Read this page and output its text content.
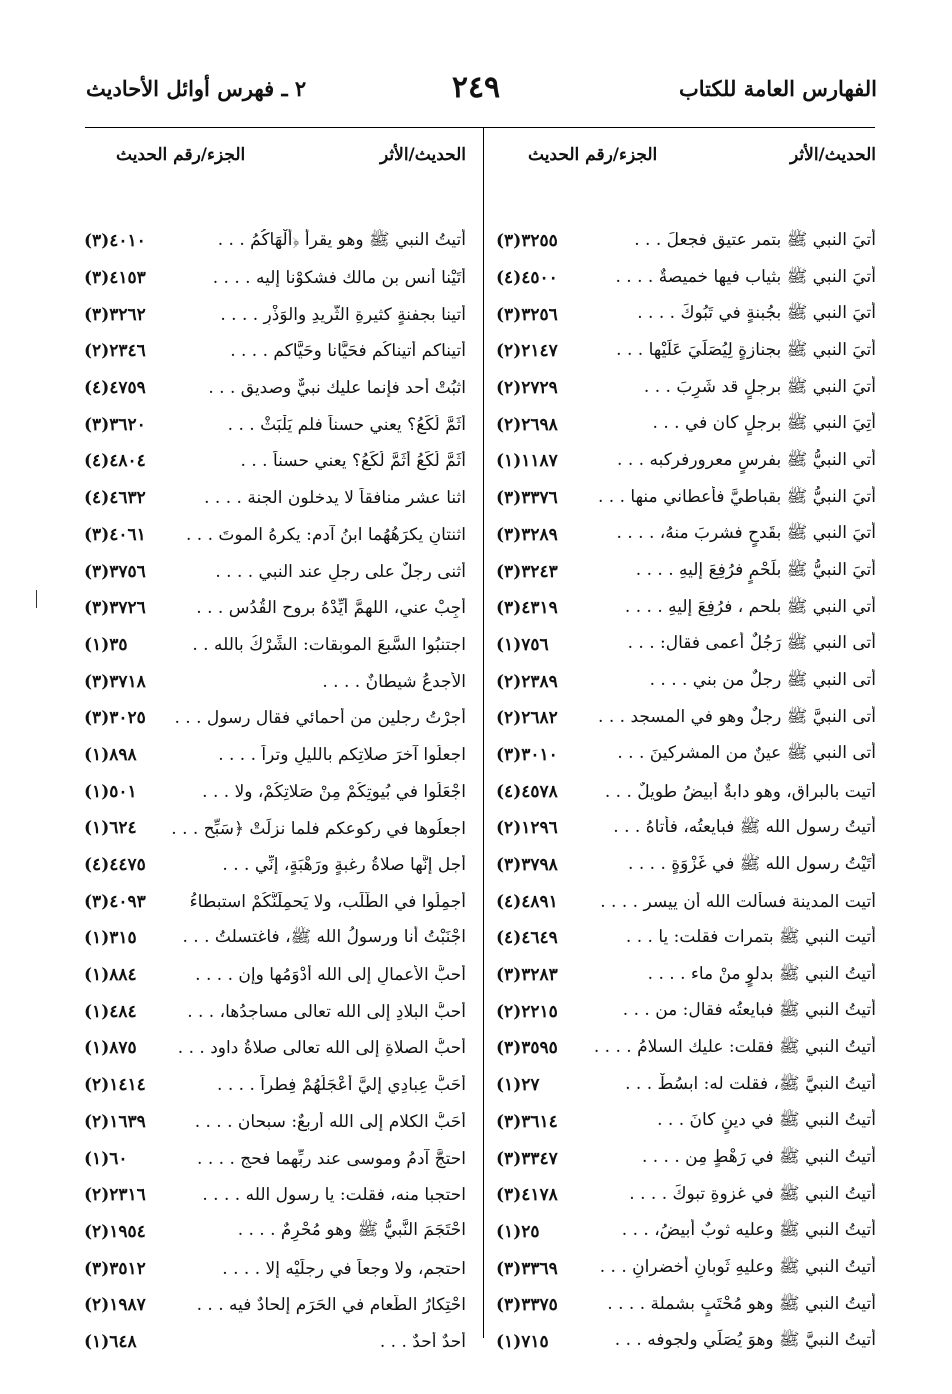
الفهارس العامة للكتاب
٢٤٩
٢ ـ فهرس أوائل الأحاديث
الحديث/الأثر
الجزء/رقم الحديث
أُتيَ النبي ﷺ بتمر عتيق فجعلَ . . .
٣٢٥٥(٣)
أُتيَ النبي ﷺ بثياب فيها خميصةٌ . . . .
٤٥٠٠(٤)
أُتيَ النبي ﷺ بجُبنةٍ في تَبُوكَ . . . .
٣٢٥٦(٣)
أُتيَ النبي ﷺ بجنازةٍ لِيُصَلِّيَ عَلَيْها . . .
٢١٤٧(٢)
أُتيَ النبي ﷺ برجلٍ قد شَرِبَ . . .
٢٧٢٩(٢)
أُتِيَ النبي ﷺ برجلٍ كان في . . .
٢٦٩٨(٢)
أتي النبيُّ ﷺ بفرسٍ معرورفركبه . . .
١١٨٧(١)
أُتيَ النبيُّ ﷺ بقباطيَّ فأعطاني منها . . .
٣٣٧٦(٣)
أُتيَ النبي ﷺ بقَدحٍ فشربَ منهُ، . . . .
٣٢٨٩(٣)
أُتيَ النبيُّ ﷺ بلَحْمٍ فرُفِعَ إليهِ . . . .
٣٢٤٣(٣)
أتي النبي ﷺ بلحم ، فرُفِعَ إليهِ . . . .
٤٣١٩(٣)
أتى النبي ﷺ رَجُلٌ أَعمى فقال: . . .
٧٥٦(١)
أتى النبي ﷺ رجلٌ من بني . . . .
٢٣٨٩(٢)
أتى النبيَّ ﷺ رجلٌ وهو في المسجد . . .
٢٦٨٢(٢)
أتى النبي ﷺ عينٌ من المشركينَ . . .
٣٠١٠(٣)
أتيت بالبراق، وهو دابةٌ أبيضُ طويلٌ . . .
٤٥٧٨(٤)
أتيتُ رسول الله ﷺ فبايعتُه، فأتاهُ . . .
١٢٩٦(٢)
أَتَيْتُ رسول الله ﷺ في غَزْوَةٍ . . . .
٣٧٩٨(٣)
أتيت المدينة فسألت الله أن ييسر . . . .
٤٨٩١(٤)
أتيت النبي ﷺ بتمرات فقلت: يا . . .
٤٦٤٩(٤)
أتيتُ النبي ﷺ بدلوٍ منْ ماء . . . .
٣٢٨٣(٣)
أتيتُ النبي ﷺ فبايعتُه فقال: من . . .
٢٢١٥(٢)
أتيتُ النبي ﷺ فقلت: عليك السلامُ . . . .
٣٥٩٥(٣)
أتيتُ النبيَّ ﷺ، فقلت له: ابسُطْ . . .
٢٧(١)
أتيتُ النبي ﷺ في دينٍ كانَ . . .
٣٦١٤(٣)
أتيتُ النبي ﷺ في رَهْطٍ مِن . . . .
٣٣٤٧(٣)
أتيتُ النبي ﷺ في غزوةِ تبوكَ . . . .
٤١٧٨(٣)
أتيتُ النبي ﷺ وعليه ثوبٌ أبيضُ، . . .
٢٥(١)
أتيتُ النبي ﷺ وعليهِ ثَوبانِ أخضرانِ . . .
٣٣٦٩(٣)
أتيتُ النبي ﷺ وهو مُحْتَبٍ بشملة . . . .
٣٣٧٥(٣)
أتيتُ النبيَّ ﷺ وهوَ يُصَلِّي ولجوفه . . .
٧١٥(١)
الحديث/الأثر
الجزء/رقم الحديث
أتيتُ النبي ﷺ وهو يقرأ ﴿أَلْهَاكُمُ . . .
٤٠١٠(٣)
أتَيْنا أنس بن مالك فشكوْنا إليه . . . .
٤١٥٣(٣)
أُتينا بجفنةٍ كثيرةِ الثَّريدِ والوَذْرِ . . . .
٣٢٦٢(٣)
أتيناكم أتيناكُم فحَيَّانا وحَيَّاكم . . . .
٢٣٤٦(٢)
اثبُتْ أحد فإنما عليك نبيٌّ وصديق . . .
٤٧٥٩(٤)
أَثَمَّ لُكَعُ؟ يعني حسناً فلم يَلْبَثْ . . .
٣٦٢٠(٣)
أَثَمَّ لُكَعُ أَثَمَّ لُكَعُ؟ يعني حسناً . . .
٤٨٠٤(٤)
اثنا عشر منافقاً لا يدخلون الجنة . . . .
٤٦٣٢(٤)
اثنتانِ يكرَهُهُما ابنُ آدم: يكرهُ الموتَ . . .
٤٠٦١(٣)
أثنى رجلٌ على رجلٍ عند النبي . . . .
٣٧٥٦(٣)
أَجِبْ عني، اللهمَّ أَيِّدْهُ بروحِ القُدُسِ . . .
٣٧٢٦(٣)
اجتنبُوا السَّبعَ الموبقات: الشِّرْكُ بالله . .
٣٥(١)
الأجدعُ شيطانٌ . . . .
٣٧١٨(٣)
أجرْتُ رجلين من أحمائي فقال رسول . . .
٣٠٢٥(٣)
اجعلُوا آخرَ صلاتِكم بالليلِ وتراً . . . .
٨٩٨(١)
اجْعَلُوا في بُيوتِكُمْ مِنْ صَلاتِكُمْ، ولا . . .
٥٠١(١)
اجعلُوها في ركوعكم فلما نزلَتْ ﴿سَبِّحِ . . .
٦٢٤(١)
أجل إنَّها صلاةُ رغبةٍ ورَهْبَةٍ، إنِّي . . .
٤٤٧٥(٤)
أجمِلُوا في الطَّلَب، ولا يَحمِلَنَّكُمْ استبطاءُ
٤٠٩٣(٣)
اجْنَبْتُ أنا ورسولُ الله ﷺ، فاغتسلتُ . . .
٣١٥(١)
أحبُّ الأعمالِ إلى الله أدْوَمُها وإن . . . .
٨٨٤(١)
أحبُّ البلادِ إلى الله تعالى مساجدُها، . . .
٤٨٤(١)
أحبُّ الصلاةِ إلى الله تعالى صلاةُ داود . . .
٨٧٥(١)
أَحَبُّ عِبادِي إليَّ أَعْجَلُهُمْ فِطراً . . . .
١٤١٤(٢)
أَحَبُّ الكلام إلى الله أربعٌ: سبحان . . . .
١٦٣٩(٢)
احتجَّ آدمُ وموسى عند ربِّهما فحج . . . .
٦٠(١)
احتجبا منه، فقلت: يا رسول الله . . . .
٢٣١٦(٢)
احْتَجَمَ النَّبيُّ ﷺ وهو مُحْرِمٌ . . . .
١٩٥٤(٢)
احتجم، ولا وجعاً في رجلَيْه إلا . . . .
٣٥١٢(٣)
احْتِكارُ الطَّعامِ في الحَرَمِ إلحادٌ فيه . . .
١٩٨٧(٢)
أحدٌ أحدٌ . . .
٦٤٨(١)
